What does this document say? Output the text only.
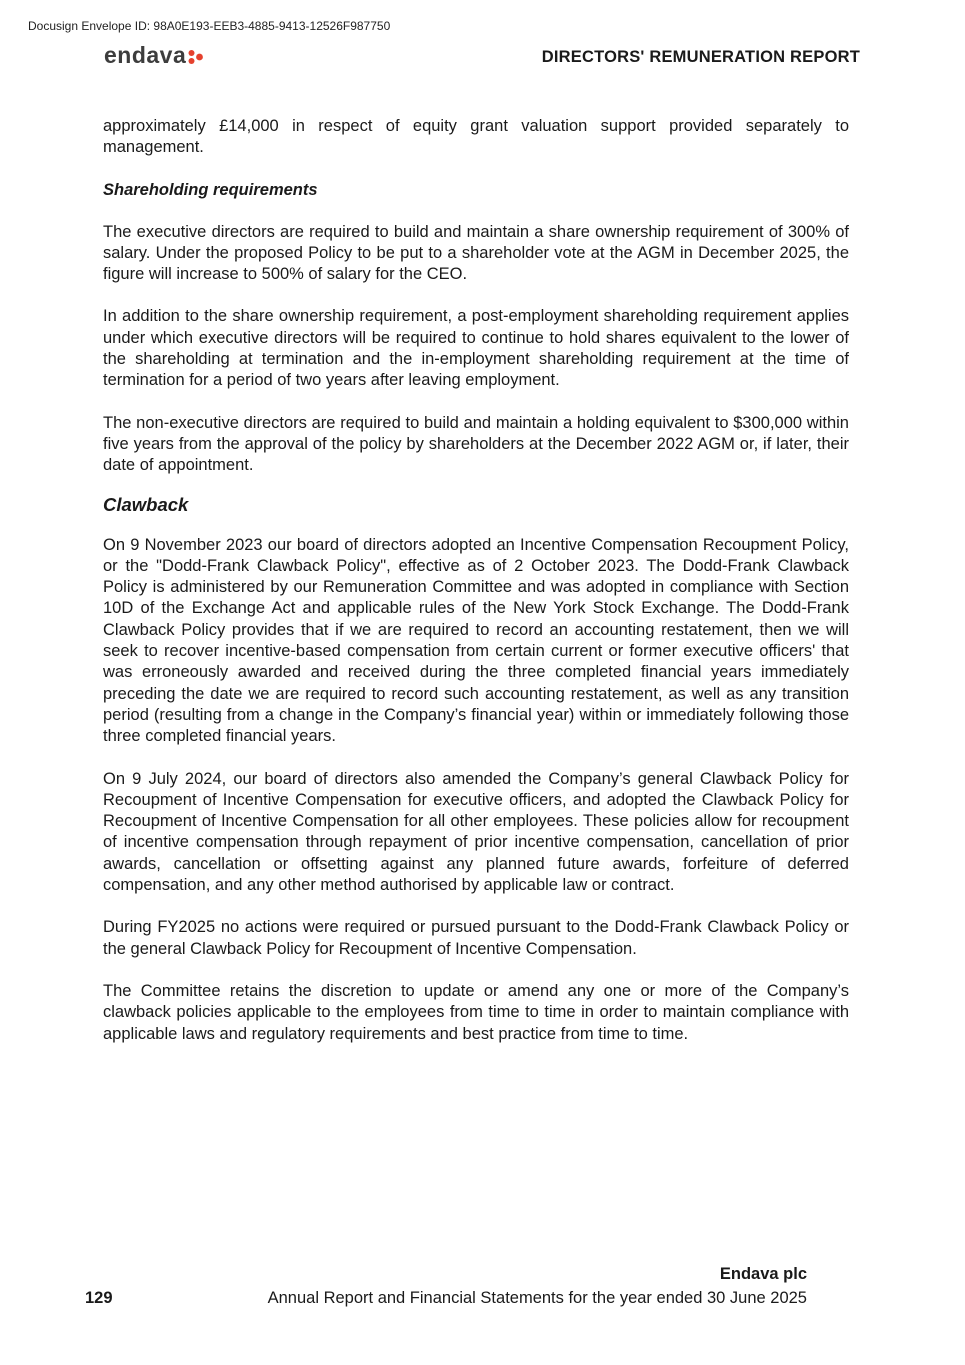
Docusign Envelope ID: 98A0E193-EEB3-4885-9413-12526F987750
endava	DIRECTORS' REMUNERATION REPORT

approximately £14,000 in respect of equity grant valuation support provided separately to management.

Shareholding requirements

The executive directors are required to build and maintain a share ownership requirement of 300% of salary. Under the proposed Policy to be put to a shareholder vote at the AGM in December 2025, the figure will increase to 500% of salary for the CEO.

In addition to the share ownership requirement, a post-employment shareholding requirement applies under which executive directors will be required to continue to hold shares equivalent to the lower of the shareholding at termination and the in-employment shareholding requirement at the time of termination for a period of two years after leaving employment.

The non-executive directors are required to build and maintain a holding equivalent to $300,000 within five years from the approval of the policy by shareholders at the December 2022 AGM or, if later, their date of appointment.

Clawback

On 9 November 2023 our board of directors adopted an Incentive Compensation Recoupment Policy, or the "Dodd-Frank Clawback Policy", effective as of 2 October 2023. The Dodd-Frank Clawback Policy is administered by our Remuneration Committee and was adopted in compliance with Section 10D of the Exchange Act and applicable rules of the New York Stock Exchange. The Dodd-Frank Clawback Policy provides that if we are required to record an accounting restatement, then we will seek to recover incentive-based compensation from certain current or former executive officers' that was erroneously awarded and received during the three completed financial years immediately preceding the date we are required to record such accounting restatement, as well as any transition period (resulting from a change in the Company’s financial year) within or immediately following those three completed financial years.

On 9 July 2024, our board of directors also amended the Company’s general Clawback Policy for Recoupment of Incentive Compensation for executive officers, and adopted the Clawback Policy for Recoupment of Incentive Compensation for all other employees. These policies allow for recoupment of incentive compensation through repayment of prior incentive compensation, cancellation of prior awards, cancellation or offsetting against any planned future awards, forfeiture of deferred compensation, and any other method authorised by applicable law or contract.

During FY2025 no actions were required or pursued pursuant to the Dodd-Frank Clawback Policy or the general Clawback Policy for Recoupment of Incentive Compensation.

The Committee retains the discretion to update or amend any one or more of the Company’s clawback policies applicable to the employees from time to time in order to maintain compliance with applicable laws and regulatory requirements and best practice from time to time.

Endava plc
129	Annual Report and Financial Statements for the year ended 30 June 2025
